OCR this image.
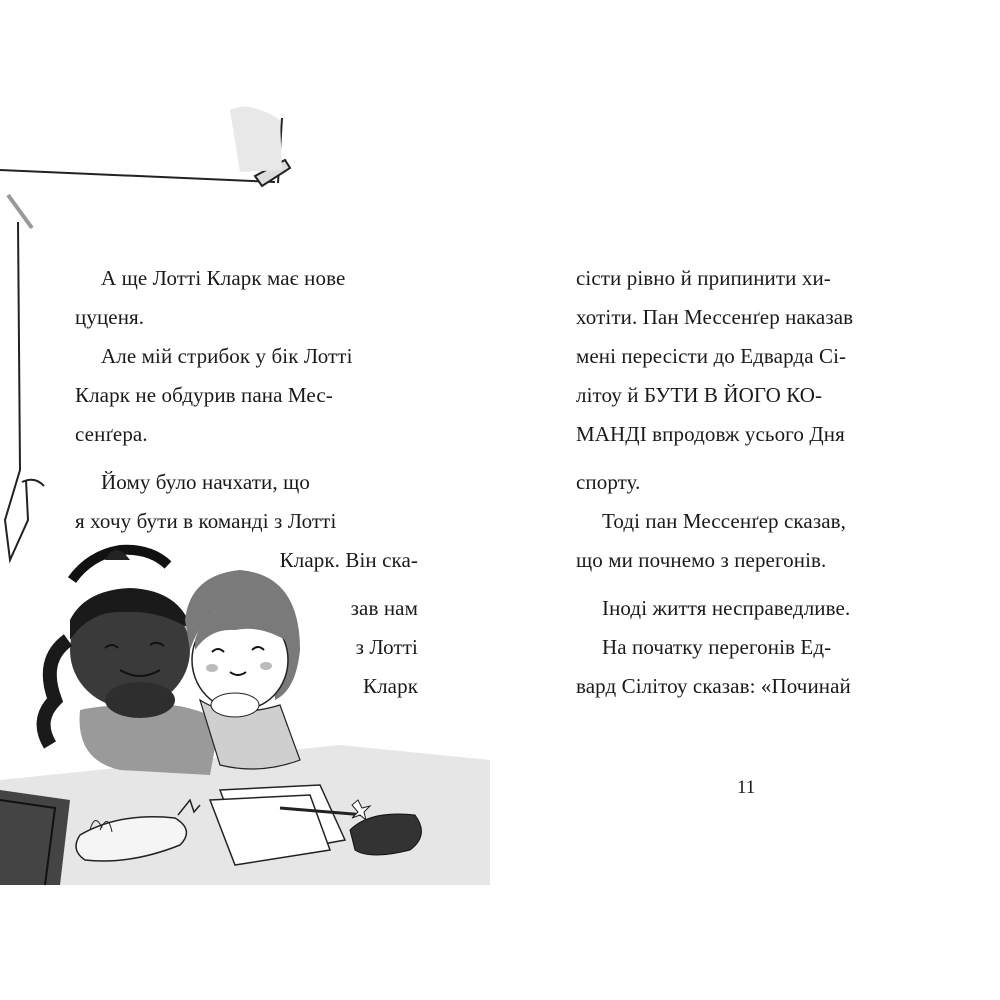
А ще Лотті Кларк має нове
цуценя.
Але мій стрибок у бік Лотті
Кларк не обдурив пана Мес-
сенґера.
Йому було начхати, що
я хочу бути в команді з Лотті
Кларк. Він ска-
зав нам
з Лотті
Кларк
сісти рівно й припинити хи-
хотіти. Пан Мессенґер наказав
мені пересісти до Едварда Сі-
літоу й БУТИ В ЙОГО КО-
МАНДІ впродовж усього Дня
спорту.
Тоді пан Мессенґер сказав,
що ми почнемо з перегонів.
Іноді життя несправедливе.
На початку перегонів Ед-
вард Сілітоу сказав: «Починай
11
